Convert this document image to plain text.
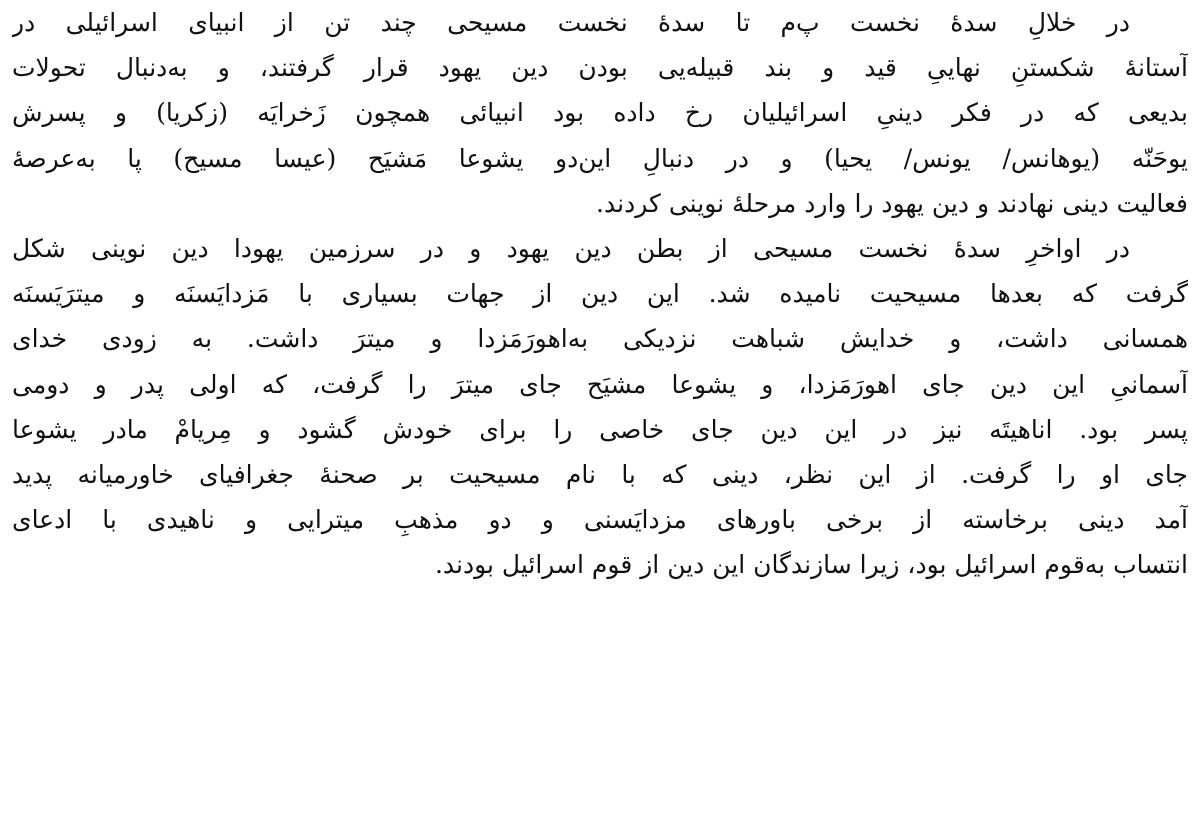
در خلالِ سدۀ نخست پ‌م تا سدۀ نخست مسیحی چند تن از انبیای اسرائیلی در
آستانۀ شکستنِ نهاییِ قید و بند قبیله‌یی بودن دین یهود قرار گرفتند، و به‌دنبال تحولات
بدیعی که در فکر دینیِ اسرائیلیان رخ داده بود انبیائی همچون زَخرایَه (زکریا) و پسرش
یوحَنّه (یوهانس/ یونس/ یحیا) و در دنبالِ این‌دو یشوعا مَشیَح (عیسا مسیح) پا به‌عرصۀ
فعالیت دینی نهادند و دین یهود را وارد مرحلۀ نوینی کردند.

در اواخرِ سدۀ نخست مسیحی از بطن دین یهود و در سرزمین یهودا دین نوینی شکل
گرفت که بعدها مسیحیت نامیده شد. این دین از جهات بسیاری با مَزدایَسنَه و میترَیَسنَه
همسانی داشت، و خدایش شباهت نزدیکی به‌اهورَمَزدا و میترَ داشت. به زودی خدای
آسمانیِ این دین جای اهورَمَزدا، و یشوعا مشیَح جای میترَ را گرفت، که اولی پدر و دومی
پسر بود. اناهیتَه نیز در این دین جای خاصی را برای خودش گشود و مِریامْ مادر یشوعا
جای او را گرفت. از این نظر، دینی که با نام مسیحیت بر صحنۀ جغرافیای خاورمیانه پدید
آمد دینی برخاسته از برخی باورهای مزدایَسنی و دو مذهبِ میترایی و ناهیدی با ادعای
انتساب به‌قوم اسرائیل بود، زیرا سازندگان این دین از قوم اسرائیل بودند.
